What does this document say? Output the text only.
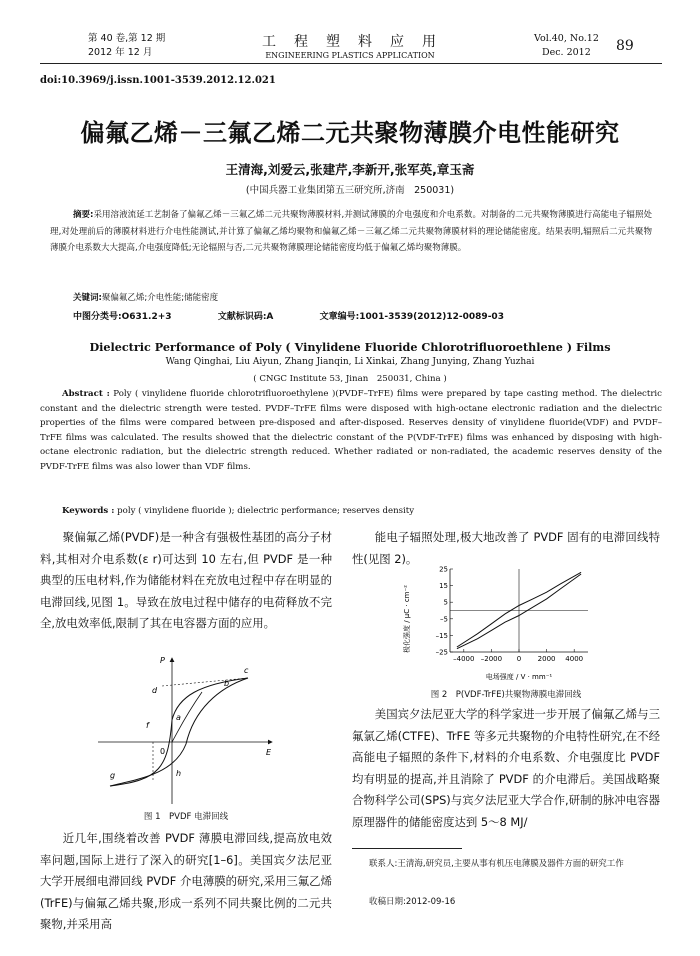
第 40 卷,第 12 期
2012 年 12 月
工　程　塑　料　应　用
ENGINEERING PLASTICS APPLICATION
Vol.40, No.12
Dec. 2012 89
doi:10.3969/j.issn.1001-3539.2012.12.021
偏氟乙烯－三氟乙烯二元共聚物薄膜介电性能研究
王清海,刘爱云,张建芹,李新开,张军英,章玉斋
(中国兵器工业集团第五三研究所,济南　250031)
摘要:采用溶液流延工艺制备了偏氟乙烯－三氟乙烯二元共聚物薄膜材料,并测试薄膜的介电强度和介电系数。对制备的二元共聚物薄膜进行高能电子辐照处理,对处理前后的薄膜材料进行介电性能测试,并计算了偏氟乙烯均聚物和偏氟乙烯－三氟乙烯二元共聚物薄膜材料的理论储能密度。结果表明,辐照后二元共聚物薄膜介电系数大大提高,介电强度降低;无论辐照与否,二元共聚物薄膜理论储能密度均低于偏氟乙烯均聚物薄膜。
关键词:聚偏氟乙烯;介电性能;储能密度
中图分类号:O631.2+3	文献标识码:A	文章编号:1001-3539(2012)12-0089-03
Dielectric Performance of Poly ( Vinylidene Fluoride Chlorotrifluoroethlene ) Films
Wang Qinghai, Liu Aiyun, Zhang Jianqin, Li Xinkai, Zhang Junying, Zhang Yuzhai
( CNGC Institute 53, Jinan　250031, China )
Abstract : Poly ( vinylidene fluoride chlorotrifluoroethylene )(PVDF–TrFE) films were prepared by tape casting method. The dielectric constant and the dielectric strength were tested. PVDF–TrFE films were disposed with high-octane electronic radiation and the dielectric properties of the films were compared between pre-disposed and after-disposed. Reserves density of vinylidene fluoride(VDF) and PVDF–TrFE films was calculated. The results showed that the dielectric constant of the P(VDF-TrFE) films was enhanced by disposing with high-octane electronic radiation, but the dielectric strength reduced. Whether radiated or non-radiated, the academic reserves density of the PVDF-TrFE films was also lower than VDF films.
Keywords : poly ( vinylidene fluoride ); dielectric performance; reserves density
聚偏氟乙烯(PVDF)是一种含有强极性基团的高分子材料,其相对介电系数(ε r)可达到 10 左右,但 PVDF 是一种典型的压电材料,作为储能材料在充放电过程中存在明显的电滞回线,见图 1。导致在放电过程中储存的电荷释放不完全,放电效率低,限制了其在电容器方面的应用。
P
E
0
a
b
c
d
f
g	h
图 1　PVDF 电滞回线
近几年,围绕着改善 PVDF 薄膜电滞回线,提高放电效率问题,国际上进行了深入的研究[1–6]。美国宾夕法尼亚大学开展细电滞回线 PVDF 介电薄膜的研究,采用三氟乙烯(TrFE)与偏氟乙烯共聚,形成一系列不同共聚比例的二元共聚物,并采用高
能电子辐照处理,极大地改善了 PVDF 固有的电滞回线特性(见图 2)。
极化强度 / μC · cm⁻²
25
15
5
–5
–15
–25
–4000 –2000 0 2000 4000
电场强度 / V · mm⁻¹
图 2　P(VDF-TrFE)共聚物薄膜电滞回线
美国宾夕法尼亚大学的科学家进一步开展了偏氟乙烯与三氟氯乙烯(CTFE)、TrFE 等多元共聚物的介电特性研究,在不经高能电子辐照的条件下,材料的介电系数、介电强度比 PVDF 均有明显的提高,并且消除了 PVDF 的介电滞后。美国战略聚合物科学公司(SPS)与宾夕法尼亚大学合作,研制的脉冲电容器原理器件的储能密度达到 5～8 MJ/
联系人:王清海,研究员,主要从事有机压电薄膜及器件方面的研究工作
收稿日期:2012-09-16
